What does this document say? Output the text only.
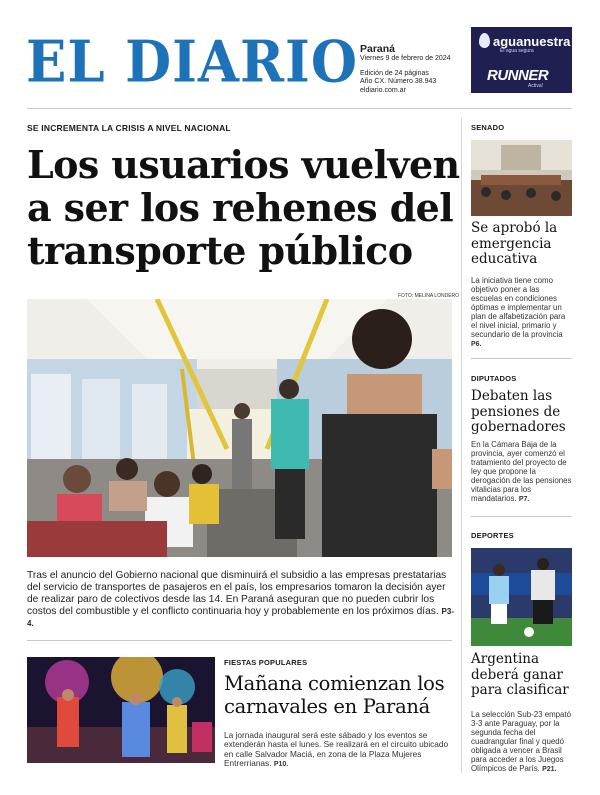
EL DIARIO Paraná
Viernes 9 de febrero de 2024
Edición de 24 páginas
Año CX. Número 38.943
eldiario.com.ar
aguanuestra
El agua segura
RUNNER
Activa!
SE INCREMENTA LA CRISIS A NIVEL NACIONAL
Los usuarios vuelven a ser los rehenes del transporte público
FOTO: MELINA LONDERO
Tras el anuncio del Gobierno nacional que disminuirá el subsidio a las empresas prestatarias del servicio de transportes de pasajeros en el país, los empresarios tomaron la decisión ayer de realizar paro de colectivos desde las 14. En Paraná aseguran que no pueden cubrir los costos del combustible y el conflicto continuaria hoy y probablemente en los próximos días. P3-4.
FIESTAS POPULARES
Mañana comienzan los carnavales en Paraná
La jornada inaugural será este sábado y los eventos se extenderán hasta el lunes. Se realizará en el circuito ubicado en calle Salvador Maciá, en zona de la Plaza Mujeres Entrerrianas. P10.
SENADO
Se aprobó la emergencia educativa
La iniciativa tiene como objetivo poner a las escuelas en condiciones óptimas e implementar un plan de alfabetización para el nivel inicial, primario y secundario de la provincia P6.
DIPUTADOS
Debaten las pensiones de gobernadores
En la Cámara Baja de la provincia, ayer comenzó el tratamiento del proyecto de ley que propone la derogación de las pensiones vitalicias para los mandatarios. P7.
DEPORTES
Argentina deberá ganar para clasificar
La selección Sub-23 empató 3-3 ante Paraguay, por la segunda fecha del cuadrangular final y quedó obligada a vencer a Brasil para acceder a los Juegos Olímpicos de París. P21.
